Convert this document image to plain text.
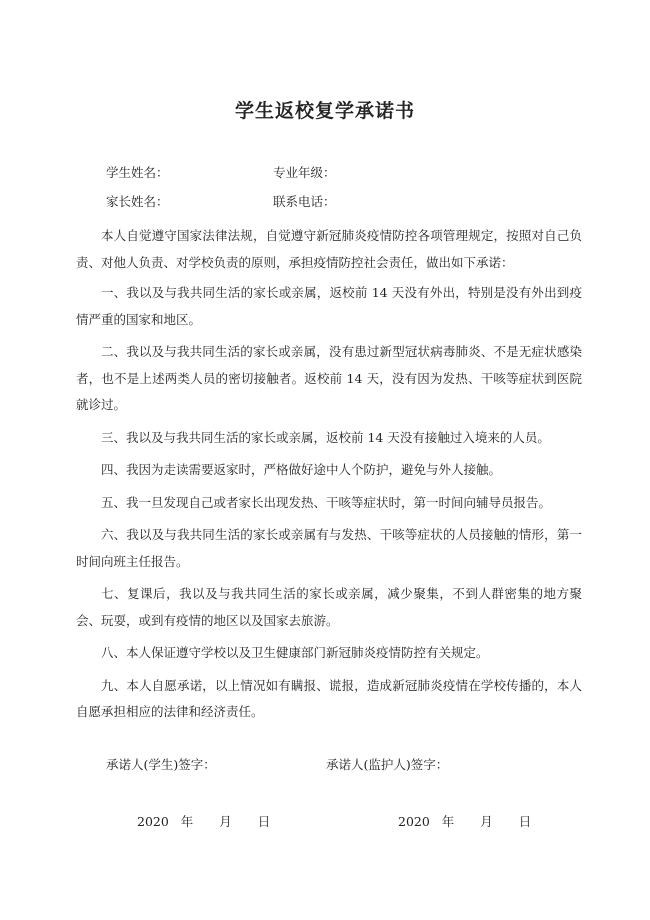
学生返校复学承诺书
学生姓名：	专业年级：
家长姓名：	联系电话：

本人自觉遵守国家法律法规，自觉遵守新冠肺炎疫情防控各项管理规定，按照对自己负责、对他人负责、对学校负责的原则，承担疫情防控社会责任，做出如下承诺：

一、我以及与我共同生活的家长或亲属，返校前 14 天没有外出，特别是没有外出到疫情严重的国家和地区。

二、我以及与我共同生活的家长或亲属，没有患过新型冠状病毒肺炎、不是无症状感染者，也不是上述两类人员的密切接触者。返校前 14 天，没有因为发热、干咳等症状到医院就诊过。

三、我以及与我共同生活的家长或亲属，返校前 14 天没有接触过入境来的人员。

四、我因为走读需要返家时，严格做好途中人个防护，避免与外人接触。

五、我一旦发现自己或者家长出现发热、干咳等症状时，第一时间向辅导员报告。

六、我以及与我共同生活的家长或亲属有与发热、干咳等症状的人员接触的情形，第一时间向班主任报告。

七、复课后，我以及与我共同生活的家长或亲属，减少聚集，不到人群密集的地方聚会、玩耍，或到有疫情的地区以及国家去旅游。

八、本人保证遵守学校以及卫生健康部门新冠肺炎疫情防控有关规定。

九、本人自愿承诺，以上情况如有瞒报、谎报，造成新冠肺炎疫情在学校传播的，本人自愿承担相应的法律和经济责任。

承诺人(学生)签字：	承诺人(监护人)签字：
2020 年 月 日	2020 年 月 日
